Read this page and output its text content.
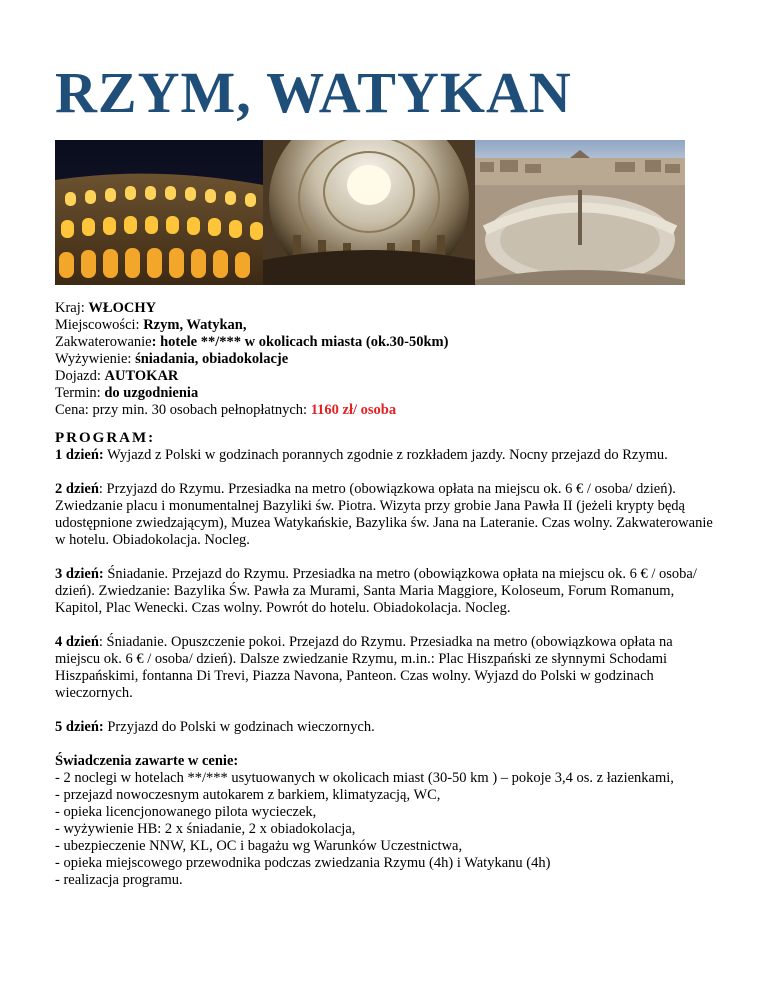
RZYM, WATYKAN
Kraj: WŁOCHY
Miejscowości: Rzym, Watykan,
Zakwaterowanie: hotele **/*** w okolicach miasta (ok.30-50km)
Wyżywienie: śniadania, obiadokolacje
Dojazd: AUTOKAR
Termin: do uzgodnienia
Cena: przy min. 30 osobach pełnopłatnych: 1160 zł/ osoba
PROGRAM:

1 dzień: Wyjazd z Polski w godzinach porannych zgodnie z rozkładem jazdy. Nocny przejazd do Rzymu.

2 dzień: Przyjazd do Rzymu. Przesiadka na metro (obowiązkowa opłata na miejscu ok. 6 € / osoba/ dzień). Zwiedzanie placu i monumentalnej Bazyliki św. Piotra. Wizyta przy grobie Jana Pawła II (jeżeli krypty będą udostępnione zwiedzającym), Muzea Watykańskie, Bazylika św. Jana na Lateranie. Czas wolny. Zakwaterowanie w hotelu. Obiadokolacja. Nocleg.

3 dzień: Śniadanie. Przejazd do Rzymu. Przesiadka na metro (obowiązkowa opłata na miejscu ok. 6 € / osoba/ dzień). Zwiedzanie: Bazylika Św. Pawła za Murami, Santa Maria Maggiore, Koloseum, Forum Romanum, Kapitol, Plac Wenecki. Czas wolny. Powrót do hotelu. Obiadokolacja. Nocleg.

4 dzień: Śniadanie. Opuszczenie pokoi. Przejazd do Rzymu. Przesiadka na metro (obowiązkowa opłata na miejscu ok. 6 € / osoba/ dzień). Dalsze zwiedzanie Rzymu, m.in.: Plac Hiszpański ze słynnymi Schodami Hiszpańskimi, fontanna Di Trevi, Piazza Navona, Panteon. Czas wolny. Wyjazd do Polski w godzinach wieczornych.

5 dzień: Przyjazd do Polski w godzinach wieczornych.

Świadczenia zawarte w cenie:
- 2 noclegi w hotelach **/*** usytuowanych w okolicach miast (30-50 km ) – pokoje 3,4 os. z łazienkami,
- przejazd nowoczesnym autokarem z barkiem, klimatyzacją, WC,
- opieka licencjonowanego pilota wycieczek,
- wyżywienie HB: 2 x śniadanie, 2 x obiadokolacja,
- ubezpieczenie NNW, KL, OC i bagażu wg Warunków Uczestnictwa,
- opieka miejscowego przewodnika podczas zwiedzania Rzymu (4h) i Watykanu (4h)
- realizacja programu.
